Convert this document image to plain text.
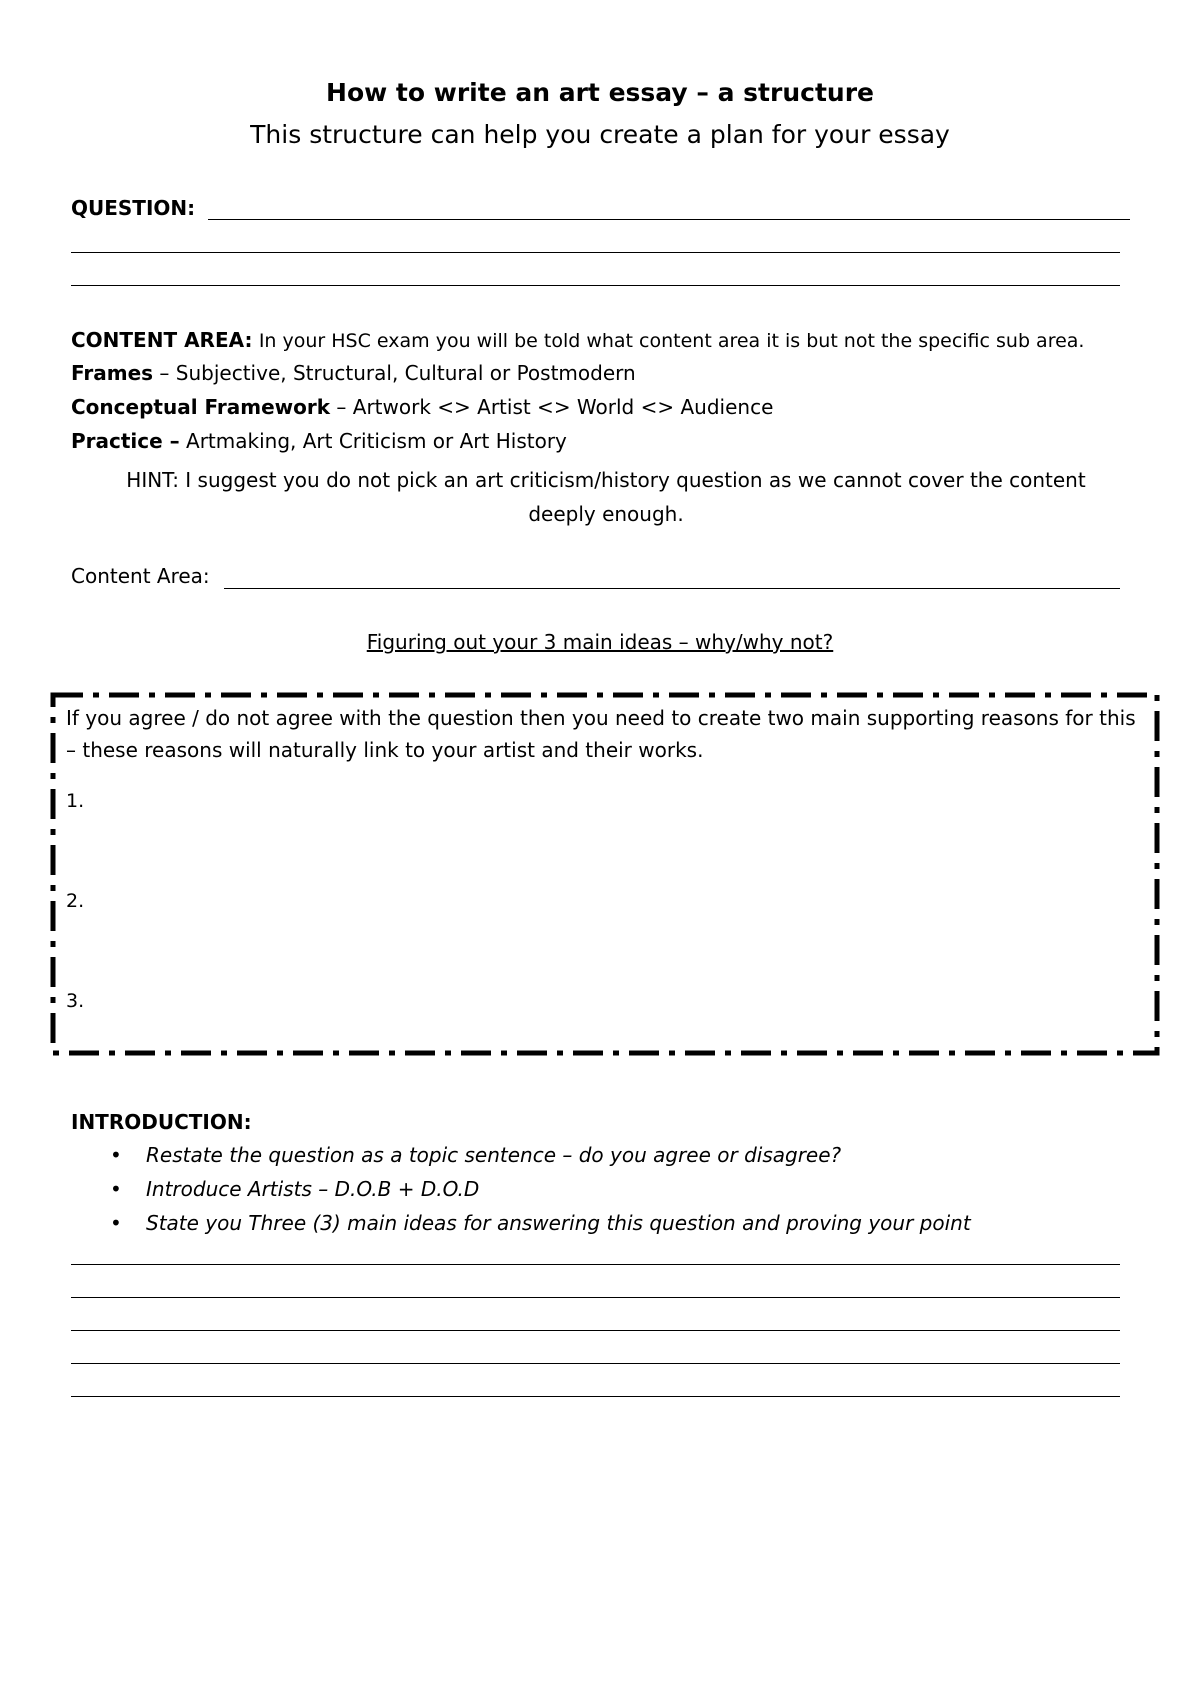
How to write an art essay – a structure
This structure can help you create a plan for your essay
QUESTION:
CONTENT AREA: In your HSC exam you will be told what content area it is but not the specific sub area.
Frames – Subjective, Structural, Cultural or Postmodern
Conceptual Framework – Artwork <> Artist <> World <> Audience
Practice – Artmaking, Art Criticism or Art History
HINT: I suggest you do not pick an art criticism/history question as we cannot cover the content deeply enough.
Content Area:
Figuring out your 3 main ideas – why/why not?
If you agree / do not agree with the question then you need to create two main supporting reasons for this – these reasons will naturally link to your artist and their works.
1.
2.
3.
INTRODUCTION:
• Restate the question as a topic sentence – do you agree or disagree?
• Introduce Artists – D.O.B + D.O.D
• State you Three (3) main ideas for answering this question and proving your point
